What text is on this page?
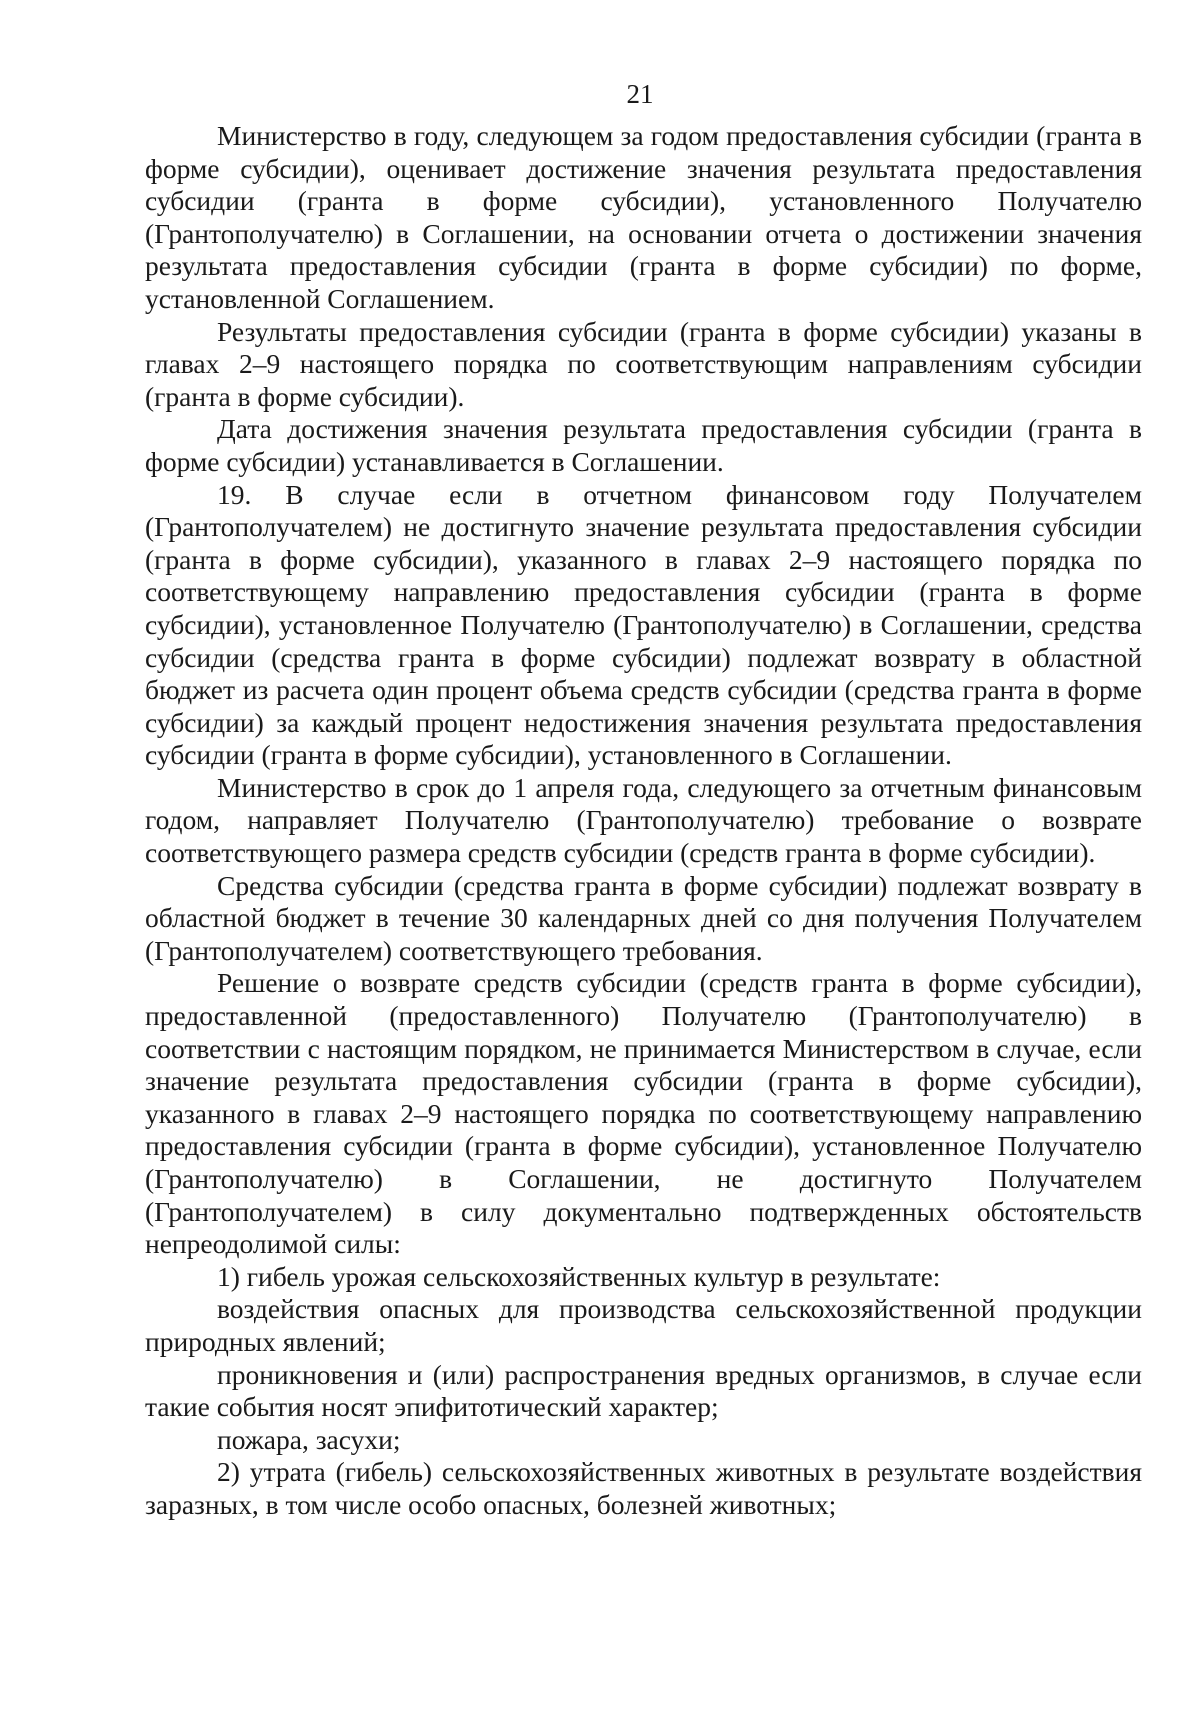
21

Министерство в году, следующем за годом предоставления субсидии (гранта в форме субсидии), оценивает достижение значения результата предоставления субсидии (гранта в форме субсидии), установленного Получателю (Грантополучателю) в Соглашении, на основании отчета о достижении значения результата предоставления субсидии (гранта в форме субсидии) по форме, установленной Соглашением.

Результаты предоставления субсидии (гранта в форме субсидии) указаны в главах 2–9 настоящего порядка по соответствующим направлениям субсидии (гранта в форме субсидии).

Дата достижения значения результата предоставления субсидии (гранта в форме субсидии) устанавливается в Соглашении.

19. В случае если в отчетном финансовом году Получателем (Грантополучателем) не достигнуто значение результата предоставления субсидии (гранта в форме субсидии), указанного в главах 2–9 настоящего порядка по соответствующему направлению предоставления субсидии (гранта в форме субсидии), установленное Получателю (Грантополучателю) в Соглашении, средства субсидии (средства гранта в форме субсидии) подлежат возврату в областной бюджет из расчета один процент объема средств субсидии (средства гранта в форме субсидии) за каждый процент недостижения значения результата предоставления субсидии (гранта в форме субсидии), установленного в Соглашении.

Министерство в срок до 1 апреля года, следующего за отчетным финансовым годом, направляет Получателю (Грантополучателю) требование о возврате соответствующего размера средств субсидии (средств гранта в форме субсидии).

Средства субсидии (средства гранта в форме субсидии) подлежат возврату в областной бюджет в течение 30 календарных дней со дня получения Получателем (Грантополучателем) соответствующего требования.

Решение о возврате средств субсидии (средств гранта в форме субсидии), предоставленной (предоставленного) Получателю (Грантополучателю) в соответствии с настоящим порядком, не принимается Министерством в случае, если значение результата предоставления субсидии (гранта в форме субсидии), указанного в главах 2–9 настоящего порядка по соответствующему направлению предоставления субсидии (гранта в форме субсидии), установленное Получателю (Грантополучателю) в Соглашении, не достигнуто Получателем (Грантополучателем) в силу документально подтвержденных обстоятельств непреодолимой силы:

1) гибель урожая сельскохозяйственных культур в результате:

воздействия опасных для производства сельскохозяйственной продукции природных явлений;

проникновения и (или) распространения вредных организмов, в случае если такие события носят эпифитотический характер;

пожара, засухи;

2) утрата (гибель) сельскохозяйственных животных в результате воздействия заразных, в том числе особо опасных, болезней животных;
